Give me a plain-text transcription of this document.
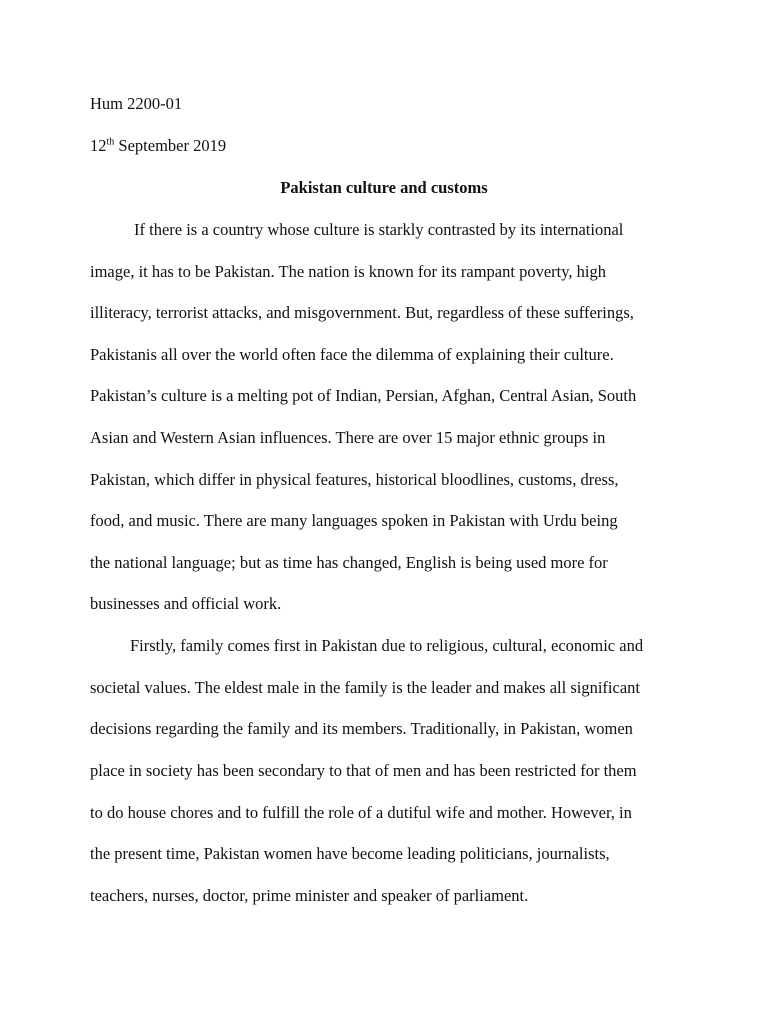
Hum 2200-01
12th September 2019
Pakistan culture and customs
If there is a country whose culture is starkly contrasted by its international
image, it has to be Pakistan. The nation is known for its rampant poverty, high
illiteracy, terrorist attacks, and misgovernment. But, regardless of these sufferings,
Pakistanis all over the world often face the dilemma of explaining their culture.
Pakistan’s culture is a melting pot of Indian, Persian, Afghan, Central Asian, South
Asian and Western Asian influences. There are over 15 major ethnic groups in
Pakistan, which differ in physical features, historical bloodlines, customs, dress,
food, and music. There are many languages spoken in Pakistan with Urdu being
the national language; but as time has changed, English is being used more for
businesses and official work.
Firstly, family comes first in Pakistan due to religious, cultural, economic and
societal values. The eldest male in the family is the leader and makes all significant
decisions regarding the family and its members. Traditionally, in Pakistan, women
place in society has been secondary to that of men and has been restricted for them
to do house chores and to fulfill the role of a dutiful wife and mother. However, in
the present time, Pakistan women have become leading politicians, journalists,
teachers, nurses, doctor, prime minister and speaker of parliament.
